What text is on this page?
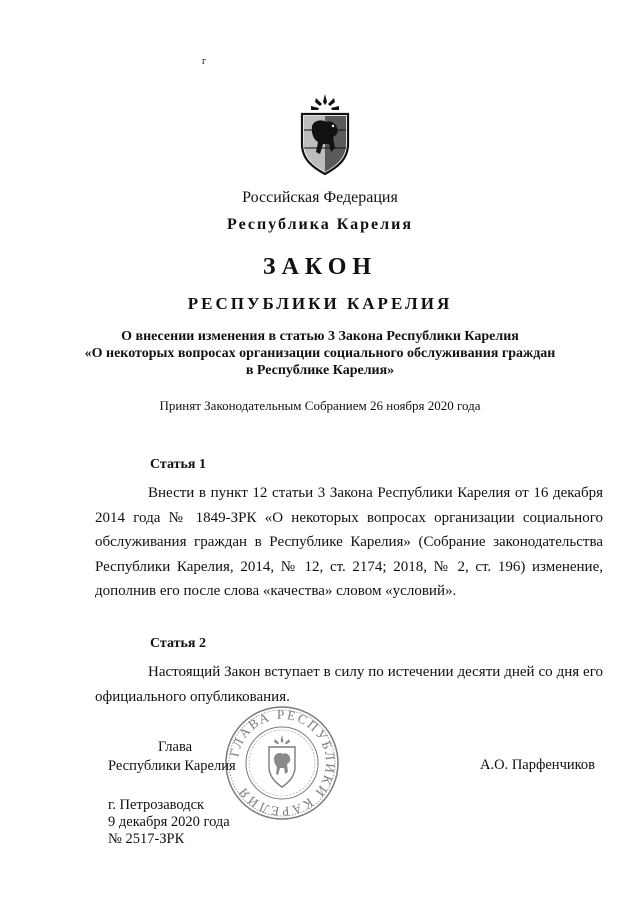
г
Российская Федерация
Республика Карелия
ЗАКОН
РЕСПУБЛИКИ КАРЕЛИЯ
О внесении изменения в статью 3 Закона Республики Карелия
«О некоторых вопросах организации социального обслуживания граждан
в Республике Карелия»
Принят Законодательным Собранием 26 ноября 2020 года
Статья 1
Внести в пункт 12 статьи 3 Закона Республики Карелия от 16 декабря 2014 года № 1849-ЗРК «О некоторых вопросах организации социального обслуживания граждан в Республике Карелия» (Собрание законодательства Республики Карелия, 2014, № 12, ст. 2174; 2018, № 2, ст. 196) изменение, дополнив его после слова «качества» словом «условий».
Статья 2
Настоящий Закон вступает в силу по истечении десяти дней со дня его официального опубликования.
ГЛАВА РЕСПУБЛИКИ КАРЕЛИЯ
Глава
Республики Карелия	А.О. Парфенчиков
г. Петрозаводск
9 декабря 2020 года
№ 2517-ЗРК
